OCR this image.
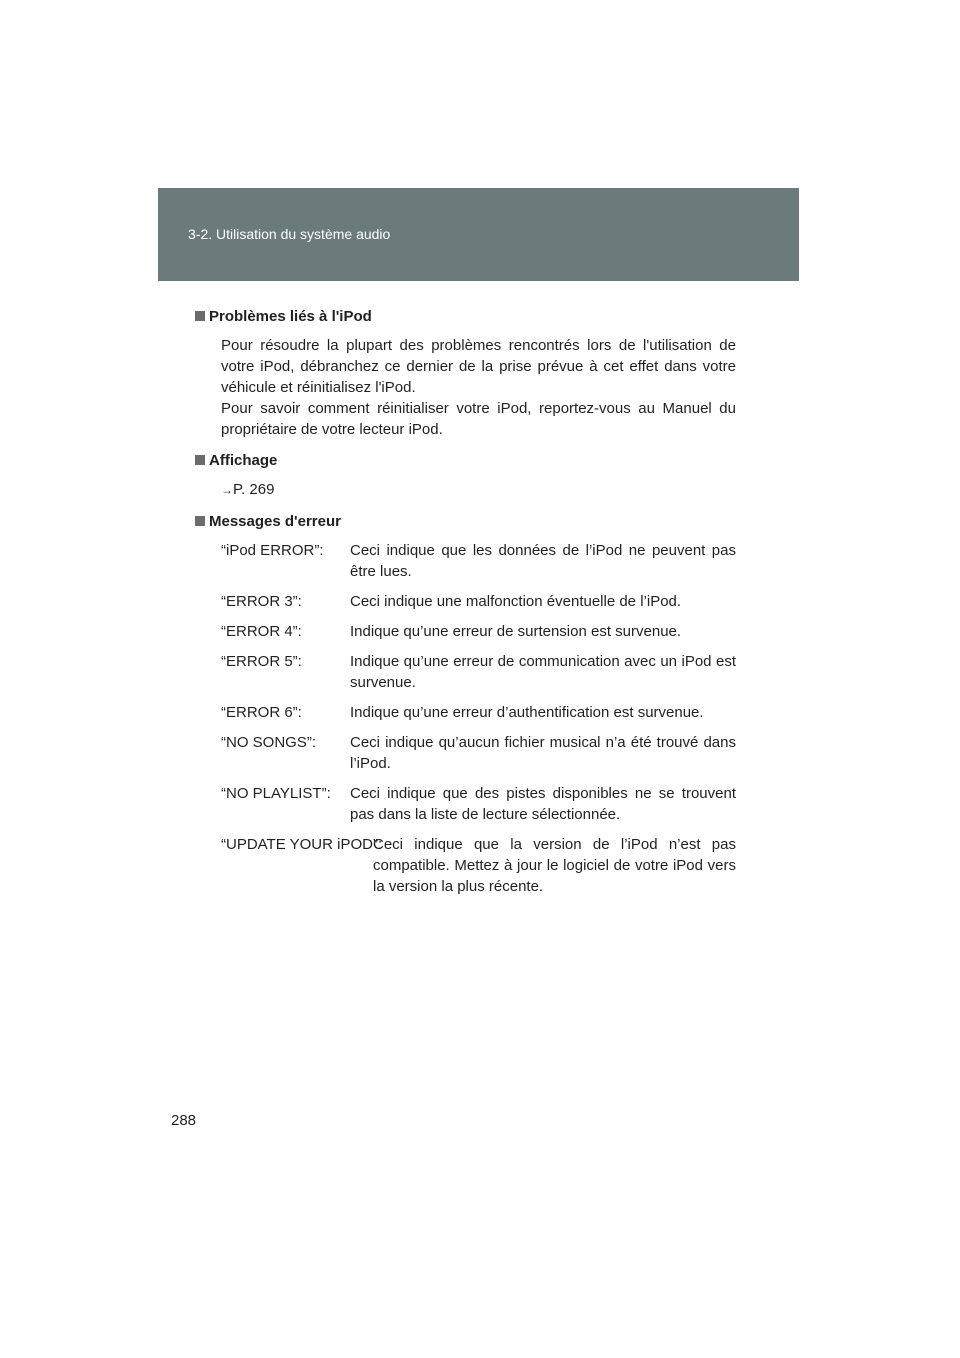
3-2. Utilisation du système audio
Problèmes liés à l'iPod

Pour résoudre la plupart des problèmes rencontrés lors de l'utilisation de votre iPod, débranchez ce dernier de la prise prévue à cet effet dans votre véhicule et réinitialisez l'iPod.

Pour savoir comment réinitialiser votre iPod, reportez-vous au Manuel du propriétaire de votre lecteur iPod.

Affichage
→P. 269
Messages d'erreur
“iPod ERROR”: Ceci indique que les données de l’iPod ne peuvent pas être lues.
“ERROR 3”:	Ceci indique une malfonction éventuelle de l’iPod.
“ERROR 4”:	Indique qu’une erreur de surtension est survenue.
“ERROR 5”:	Indique qu’une erreur de communication avec un iPod est survenue.
“ERROR 6”:	Indique qu’une erreur d’authentification est survenue.
“NO SONGS”: Ceci indique qu’aucun fichier musical n’a été trouvé dans l’iPod.
“NO PLAYLIST”: Ceci indique que des pistes disponibles ne se trouvent pas dans la liste de lecture sélectionnée.
“UPDATE YOUR iPOD”:
Ceci indique que la version de l’iPod n’est pas compatible. Mettez à jour le logiciel de votre iPod vers la version la plus récente.
288
